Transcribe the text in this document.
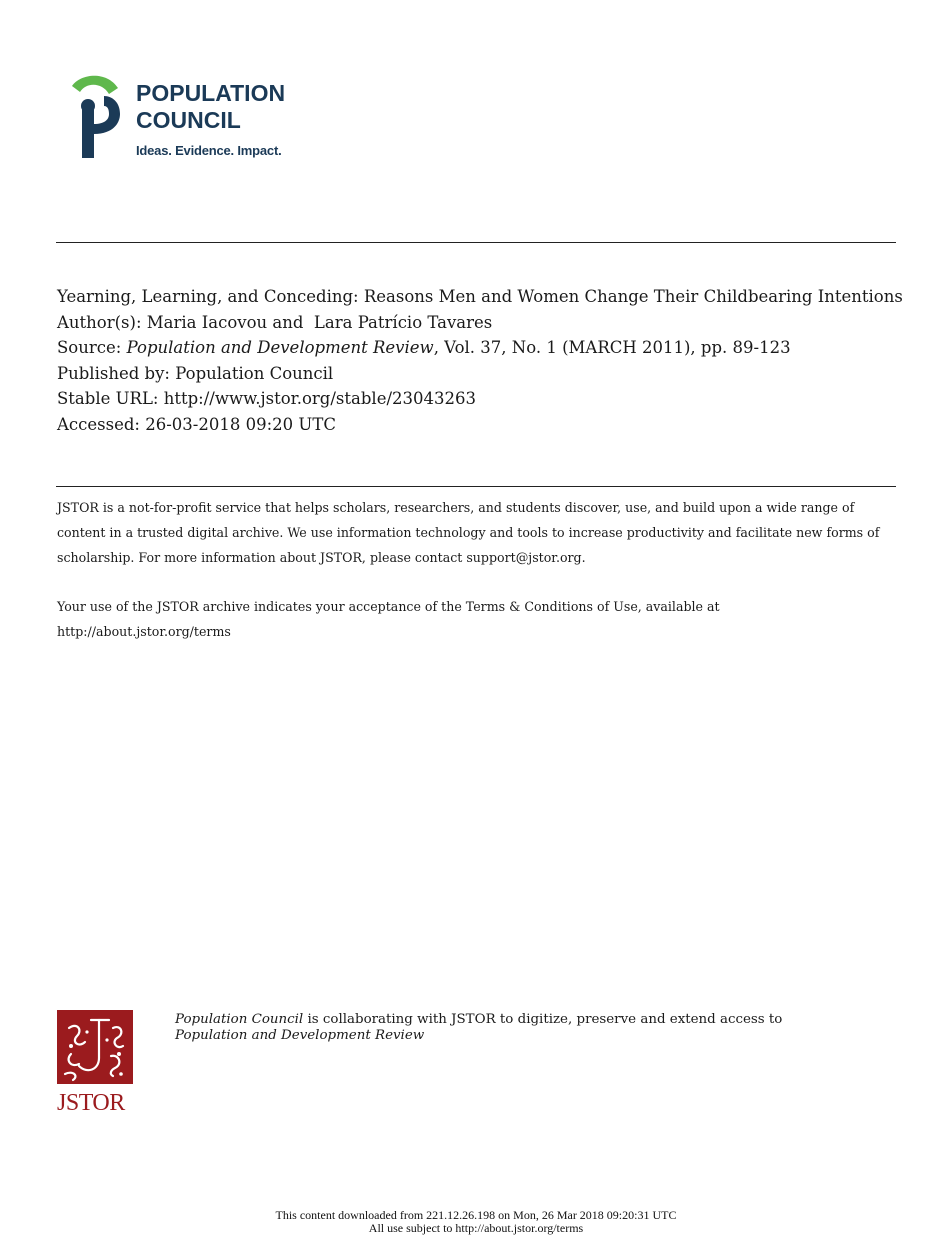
POPULATION
COUNCIL
Ideas. Evidence. Impact.
Yearning, Learning, and Conceding: Reasons Men and Women Change Their Childbearing Intentions
Author(s): Maria Iacovou and  Lara Patrício Tavares
Source: Population and Development Review, Vol. 37, No. 1 (MARCH 2011), pp. 89-123
Published by: Population Council
Stable URL: http://www.jstor.org/stable/23043263
Accessed: 26-03-2018 09:20 UTC

JSTOR is a not-for-profit service that helps scholars, researchers, and students discover, use, and build upon a wide range of content in a trusted digital archive. We use information technology and tools to increase productivity and facilitate new forms of scholarship. For more information about JSTOR, please contact support@jstor.org.

Your use of the JSTOR archive indicates your acceptance of the Terms & Conditions of Use, available at http://about.jstor.org/terms

JSTOR
Population Council is collaborating with JSTOR to digitize, preserve and extend access to
Population and Development Review
This content downloaded from 221.12.26.198 on Mon, 26 Mar 2018 09:20:31 UTC
All use subject to http://about.jstor.org/terms
